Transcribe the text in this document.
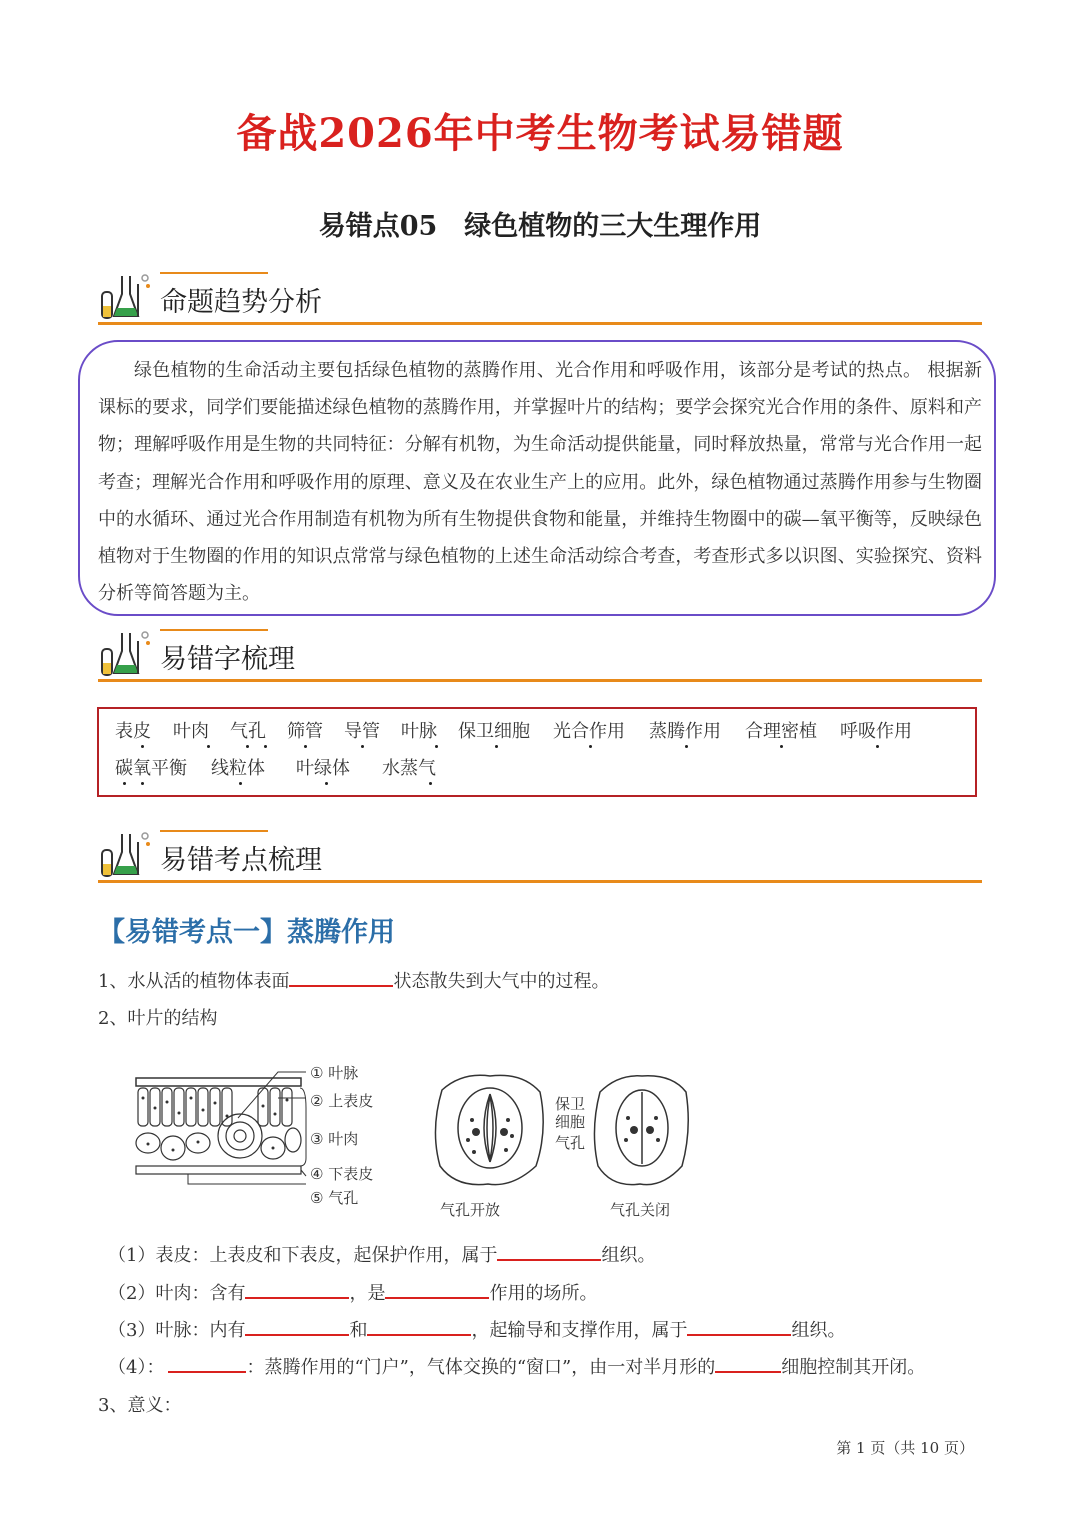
备战2026年中考生物考试易错题
易错点05　绿色植物的三大生理作用
命题趋势分析
绿色植物的生命活动主要包括绿色植物的蒸腾作用、光合作用和呼吸作用，该部分是考试的热点。 根据新课标的要求，同学们要能描述绿色植物的蒸腾作用，并掌握叶片的结构；要学会探究光合作用的条件、原料和产物；理解呼吸作用是生物的共同特征：分解有机物，为生命活动提供能量，同时释放热量，常常与光合作用一起考查；理解光合作用和呼吸作用的原理、意义及在农业生产上的应用。此外，绿色植物通过蒸腾作用参与生物圈中的水循环、通过光合作用制造有机物为所有生物提供食物和能量，并维持生物圈中的碳—氧平衡等，反映绿色植物对于生物圈的作用的知识点常常与绿色植物的上述生命活动综合考查，考查形式多以识图、实验探究、资料分析等简答题为主。
易错字梳理
表皮 叶肉 气孔 筛管 导管 叶脉 保卫细胞 光合作用 蒸腾作用 合理密植 呼吸作用
碳氧平衡 线粒体 叶绿体 水蒸气
易错考点梳理
【易错考点一】蒸腾作用
1、水从活的植物体表面	状态散失到大气中的过程。
2、叶片的结构
① 叶脉
② 上表皮
③ 叶肉
④ 下表皮
⑤ 气孔
保卫
细胞
气孔
气孔开放	气孔关闭
（1）表皮：上表皮和下表皮，起保护作用，属于	组织。
（2）叶肉：含有	，是	作用的场所。
（3）叶脉：内有	和	，起输导和支撑作用，属于	组织。
（4）：	：蒸腾作用的“门户”，气体交换的“窗口”，由一对半月形的	细胞控制其开闭。
3、意义：
第 1 页（共 10 页）
